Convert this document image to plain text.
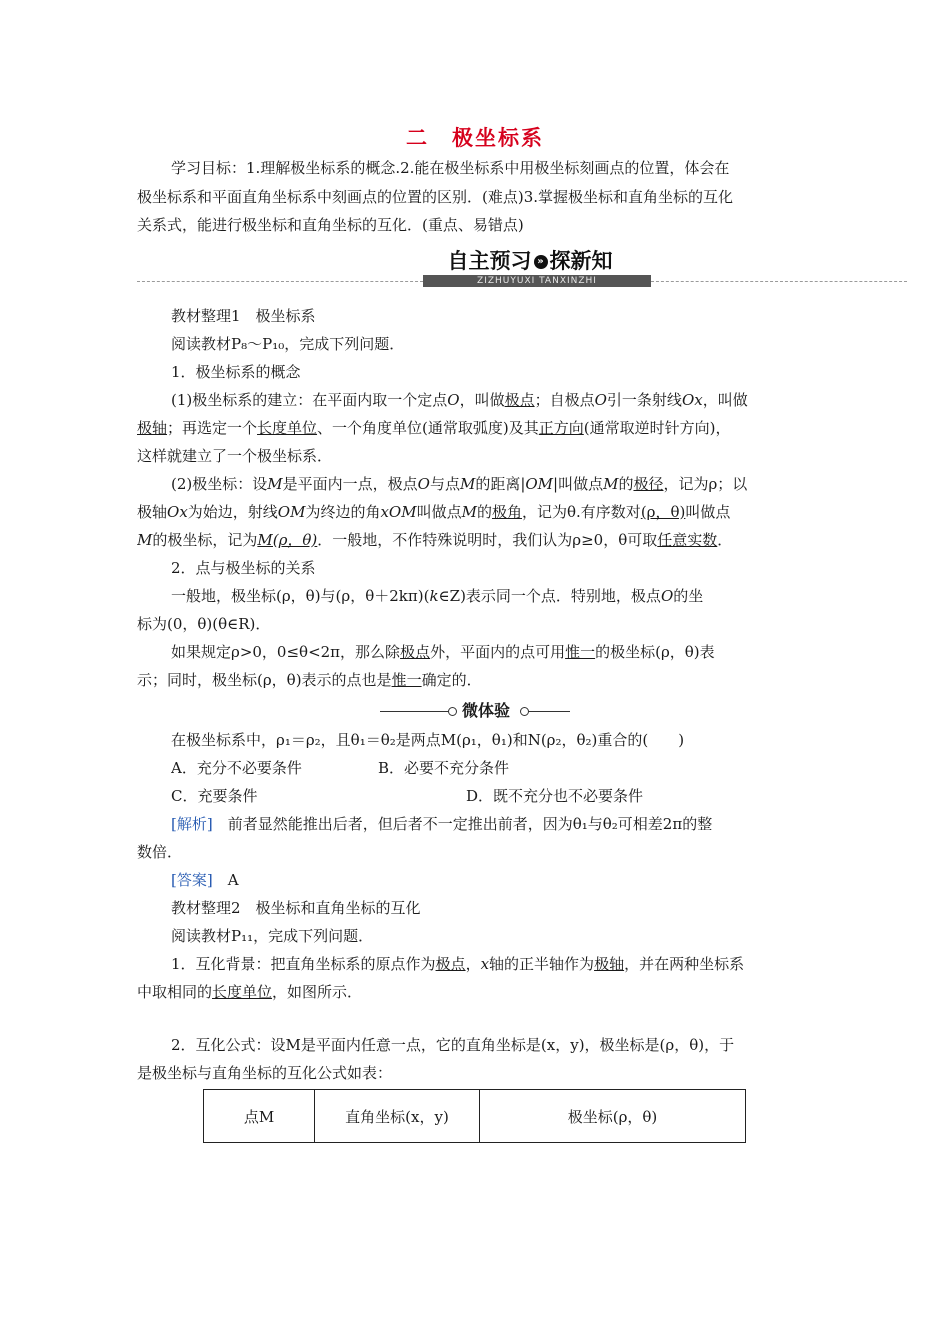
二　极坐标系
学习目标：1.理解极坐标系的概念.2.能在极坐标系中用极坐标刻画点的位置，体会在
极坐标系和平面直角坐标系中刻画点的位置的区别．(难点)3.掌握极坐标和直角坐标的互化
关系式，能进行极坐标和直角坐标的互化．(重点、易错点)
自主预习 » 探新知
ZIZHUYUXI TANXINZHI
教材整理1　极坐标系
阅读教材P₈～P₁₀，完成下列问题．
1．极坐标系的概念
(1)极坐标系的建立：在平面内取一个定点O，叫做极点；自极点O引一条射线Ox，叫做
极轴；再选定一个长度单位、一个角度单位(通常取弧度)及其正方向(通常取逆时针方向)，
这样就建立了一个极坐标系．
(2)极坐标：设M是平面内一点，极点O与点M的距离|OM|叫做点M的极径，记为ρ；以
极轴Ox为始边，射线OM为终边的角xOM叫做点M的极角，记为θ.有序数对(ρ，θ)叫做点
M的极坐标，记为M(ρ，θ)．一般地，不作特殊说明时，我们认为ρ≥0，θ可取任意实数．
2．点与极坐标的关系
一般地，极坐标(ρ，θ)与(ρ，θ＋2kπ)(k∈Z)表示同一个点．特别地，极点O的坐
标为(0，θ)(θ∈R)．
如果规定ρ>0，0≤θ<2π，那么除极点外，平面内的点可用惟一的极坐标(ρ，θ)表
示；同时，极坐标(ρ，θ)表示的点也是惟一确定的．
微体验
在极坐标系中，ρ₁＝ρ₂，且θ₁＝θ₂是两点M(ρ₁，θ₁)和N(ρ₂，θ₂)重合的(　　)
A．充分不必要条件	B．必要不充分条件
C．充要条件	D．既不充分也不必要条件
[解析]　前者显然能推出后者，但后者不一定推出前者，因为θ₁与θ₂可相差2π的整
数倍．
[答案]　A
教材整理2　极坐标和直角坐标的互化
阅读教材P₁₁，完成下列问题．
1．互化背景：把直角坐标系的原点作为极点，x轴的正半轴作为极轴，并在两种坐标系
中取相同的长度单位，如图所示．
2．互化公式：设M是平面内任意一点，它的直角坐标是(x，y)，极坐标是(ρ，θ)，于
是极坐标与直角坐标的互化公式如表：
点M	直角坐标(x，y)	极坐标(ρ，θ)
